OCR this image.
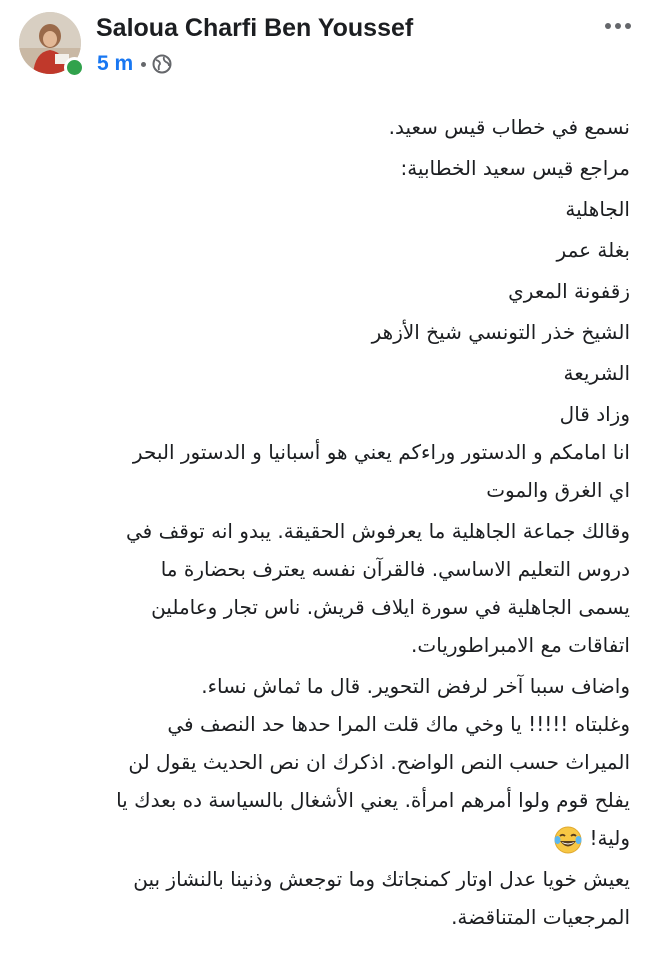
Saloua Charfi Ben Youssef
5 m
نسمع في خطاب قيس سعيد.
مراجع قيس سعيد الخطابية:
الجاهلية
بغلة عمر
زقفونة المعري
الشيخ خذر التونسي شيخ الأزهر
الشريعة
وزاد قال
انا امامكم و الدستور وراءكم يعني هو أسبانيا و الدستور البحر
اي الغرق والموت
وقالك جماعة الجاهلية ما يعرفوش الحقيقة. يبدو انه توقف في
دروس التعليم الاساسي. فالقرآن نفسه يعترف بحضارة ما
يسمى الجاهلية في سورة ايلاف قريش. ناس تجار وعاملين
اتفاقات مع الامبراطوريات.
واضاف سببا آخر لرفض التحوير. قال ما ثماش نساء.
وغلبتاه !!!!! يا وخي ماك قلت المرا حدها حد النصف في
الميراث حسب النص الواضح. اذكرك ان نص الحديث يقول لن
يفلح قوم ولوا أمرهم امرأة. يعني الأشغال بالسياسة ده بعدك يا
ولية!
يعيش خويا عدل اوتار كمنجاتك وما توجعش وذنينا بالنشاز بين
المرجعيات المتناقضة.
